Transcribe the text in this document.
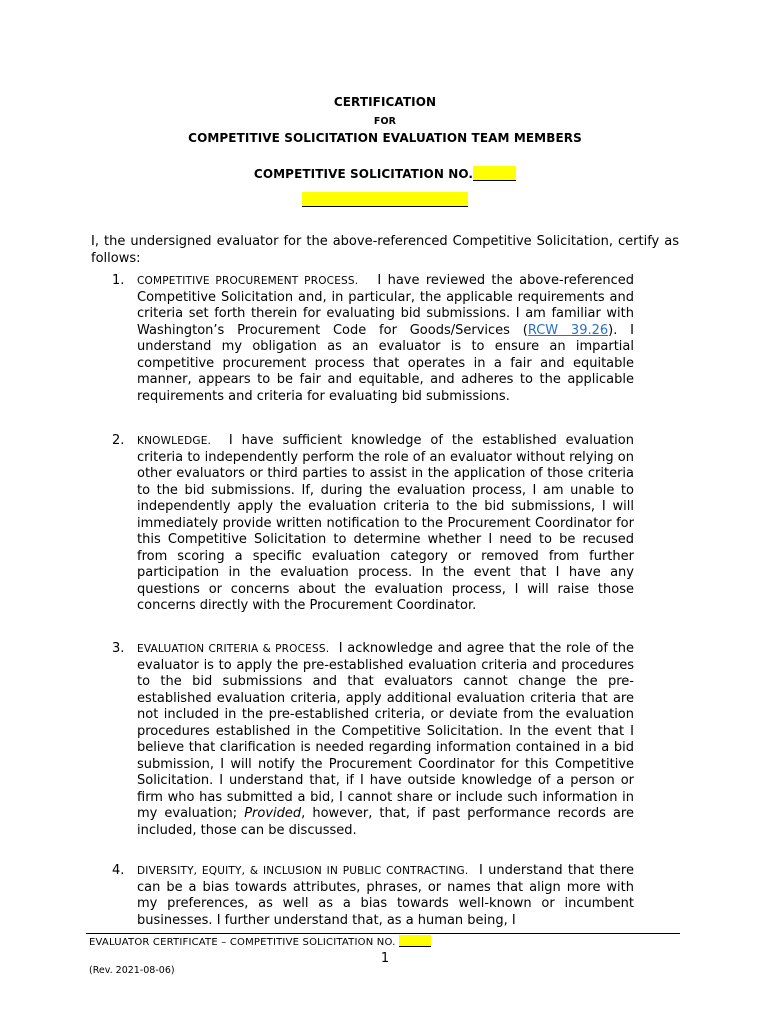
CERTIFICATION
FOR
COMPETITIVE SOLICITATION EVALUATION TEAM MEMBERS
COMPETITIVE SOLICITATION NO.
I, the undersigned evaluator for the above-referenced Competitive Solicitation, certify as follows:
1.	COMPETITIVE PROCUREMENT PROCESS. I have reviewed the above-referenced Competitive Solicitation and, in particular, the applicable requirements and criteria set forth therein for evaluating bid submissions. I am familiar with Washington’s Procurement Code for Goods/Services (RCW 39.26). I understand my obligation as an evaluator is to ensure an impartial competitive procurement process that operates in a fair and equitable manner, appears to be fair and equitable, and adheres to the applicable requirements and criteria for evaluating bid submissions.
2.	KNOWLEDGE. I have sufficient knowledge of the established evaluation criteria to independently perform the role of an evaluator without relying on other evaluators or third parties to assist in the application of those criteria to the bid submissions. If, during the evaluation process, I am unable to independently apply the evaluation criteria to the bid submissions, I will immediately provide written notification to the Procurement Coordinator for this Competitive Solicitation to determine whether I need to be recused from scoring a specific evaluation category or removed from further participation in the evaluation process. In the event that I have any questions or concerns about the evaluation process, I will raise those concerns directly with the Procurement Coordinator.
3.	EVALUATION CRITERIA & PROCESS. I acknowledge and agree that the role of the evaluator is to apply the pre-established evaluation criteria and procedures to the bid submissions and that evaluators cannot change the pre-established evaluation criteria, apply additional evaluation criteria that are not included in the pre-established criteria, or deviate from the evaluation procedures established in the Competitive Solicitation. In the event that I believe that clarification is needed regarding information contained in a bid submission, I will notify the Procurement Coordinator for this Competitive Solicitation. I understand that, if I have outside knowledge of a person or firm who has submitted a bid, I cannot share or include such information in my evaluation; Provided, however, that, if past performance records are included, those can be discussed.
4.	DIVERSITY, EQUITY, & INCLUSION IN PUBLIC CONTRACTING. I understand that there can be a bias towards attributes, phrases, or names that align more with my preferences, as well as a bias towards well-known or incumbent businesses. I further understand that, as a human being, I
EVALUATOR CERTIFICATE – COMPETITIVE SOLICITATION NO.
1
(Rev. 2021-08-06)
